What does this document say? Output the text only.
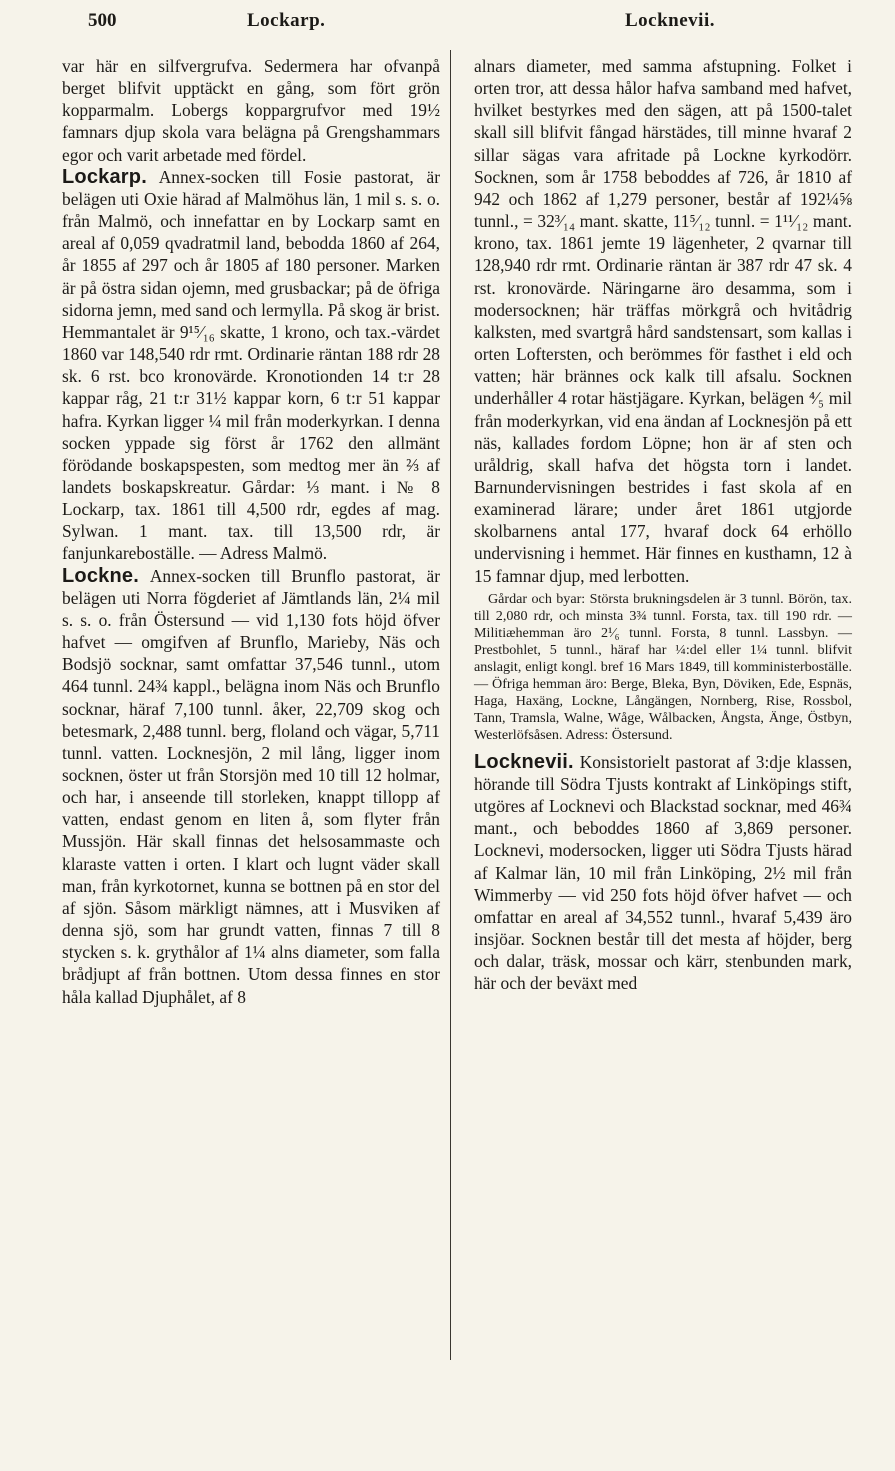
500	Lockarp.	Locknevii.

var här en silfvergrufva. Sedermera har ofvanpå berget blifvit upptäckt en gång, som fört grön kopparmalm. Lobergs koppargrufvor med 19½ famnars djup skola vara belägna på Grengshammars egor och varit arbetade med fördel.

Lockarp. Annex-socken till Fosie pastorat, är belägen uti Oxie härad af Malmöhus län, 1 mil s. s. o. från Malmö, och innefattar en by Lockarp samt en areal af 0,059 qvadratmil land, bebodda 1860 af 264, år 1855 af 297 och år 1805 af 180 personer. Marken är på östra sidan ojemn, med grusbackar; på de öfriga sidorna jemn, med sand och lermylla. På skog är brist. Hemmantalet är 9¹⁵⁄₁₆ skatte, 1 krono, och tax.-värdet 1860 var 148,540 rdr rmt. Ordinarie räntan 188 rdr 28 sk. 6 rst. bco kronovärde. Kronotionden 14 t:r 28 kappar råg, 21 t:r 31½ kappar korn, 6 t:r 51 kappar hafra. Kyrkan ligger ¼ mil från moderkyrkan. I denna socken yppade sig först år 1762 den allmänt förödande boskapspesten, som medtog mer än ⅔ af landets boskapskreatur. Gårdar: ⅓ mant. i № 8 Lockarp, tax. 1861 till 4,500 rdr, egdes af mag. Sylwan. 1 mant. tax. till 13,500 rdr, är fanjunkareboställe. — Adress Malmö.

Locknе. Annex-socken till Brunflo pastorat, är belägen uti Norra fögderiet af Jämtlands län, 2¼ mil s. s. o. från Östersund — vid 1,130 fots höjd öfver hafvet — omgifven af Brunflo, Marieby, Näs och Bodsjö socknar, samt omfattar 37,546 tunnl., utom 464 tunnl. 24¾ kappl., belägna inom Näs och Brunflo socknar, häraf 7,100 tunnl. åker, 22,709 skog och betesmark, 2,488 tunnl. berg, floland och vägar, 5,711 tunnl. vatten. Locknesjön, 2 mil lång, ligger inom socknen, öster ut från Storsjön med 10 till 12 holmar, och har, i anseende till storleken, knappt tillopp af vatten, endast genom en liten å, som flyter från Mussjön. Här skall finnas det helsosammaste och klaraste vatten i orten. I klart och lugnt väder skall man, från kyrkotornet, kunna se bottnen på en stor del af sjön. Såsom märkligt nämnes, att i Musviken af denna sjö, som har grundt vatten, finnas 7 till 8 stycken s. k. grythålor af 1¼ alns diameter, som falla brådjupt af från bottnen. Utom dessa finnes en stor håla kallad Djuphålet, af 8

alnars diameter, med samma afstupning. Folket i orten tror, att dessa hålor hafva samband med hafvet, hvilket bestyrkes med den sägen, att på 1500-talet skall sill blifvit fångad härstädes, till minne hvaraf 2 sillar sägas vara afritade på Lockne kyrkodörr. Socknen, som år 1758 beboddes af 726, år 1810 af 942 och 1862 af 1,279 personer, består af 192¼⅝ tunnl., = 32³⁄₁₄ mant. skatte, 11⁵⁄₁₂ tunnl. = 1¹¹⁄₁₂ mant. krono, tax. 1861 jemte 19 lägenheter, 2 qvarnar till 128,940 rdr rmt. Ordinarie räntan är 387 rdr 47 sk. 4 rst. kronovärde. Näringarne äro desamma, som i modersocknen; här träffas mörkgrå och hvitådrig kalksten, med svartgrå hård sandstensart, som kallas i orten Loftersten, och berömmes för fasthet i eld och vatten; här brännes ock kalk till afsalu. Socknen underhåller 4 rotar hästjägare. Kyrkan, belägen ⁴⁄₅ mil från moderkyrkan, vid ena ändan af Locknesjön på ett näs, kallades fordom Löpne; hon är af sten och uråldrig, skall hafva det högsta torn i landet. Barnundervisningen bestrides i fast skola af en examinerad lärare; under året 1861 utgjorde skolbarnens antal 177, hvaraf dock 64 erhöllo undervisning i hemmet. Här finnes en kusthamn, 12 à 15 famnar djup, med lerbotten.

Gårdar och byar: Största brukningsdelen är 3 tunnl. Börön, tax. till 2,080 rdr, och minsta 3¾ tunnl. Forsta, tax. till 190 rdr. — Militiæhemman äro 2¹⁄₆ tunnl. Forsta, 8 tunnl. Lassbyn. — Prestbohlet, 5 tunnl., häraf har ¼:del eller 1¼ tunnl. blifvit anslagit, enligt kongl. bref 16 Mars 1849, till komministerboställe. — Öfriga hemman äro: Berge, Bleka, Byn, Döviken, Ede, Espnäs, Haga, Haxäng, Lockne, Långängen, Nornberg, Rise, Rossbol, Tann, Tramsla, Walne, Wåge, Wålbacken, Ångsta, Änge, Östbyn, Westerlöfsåsen. Adress: Östersund.

Locknevii. Konsistorielt pastorat af 3:dje klassen, hörande till Södra Tjusts kontrakt af Linköpings stift, utgöres af Locknevi och Blackstad socknar, med 46¾ mant., och beboddes 1860 af 3,869 personer. Locknevi, modersocken, ligger uti Södra Tjusts härad af Kalmar län, 10 mil från Linköping, 2½ mil från Wimmerby — vid 250 fots höjd öfver hafvet — och omfattar en areal af 34,552 tunnl., hvaraf 5,439 äro insjöar. Socknen består till det mesta af höjder, berg och dalar, träsk, mossar och kärr, stenbunden mark, här och der beväxt med
